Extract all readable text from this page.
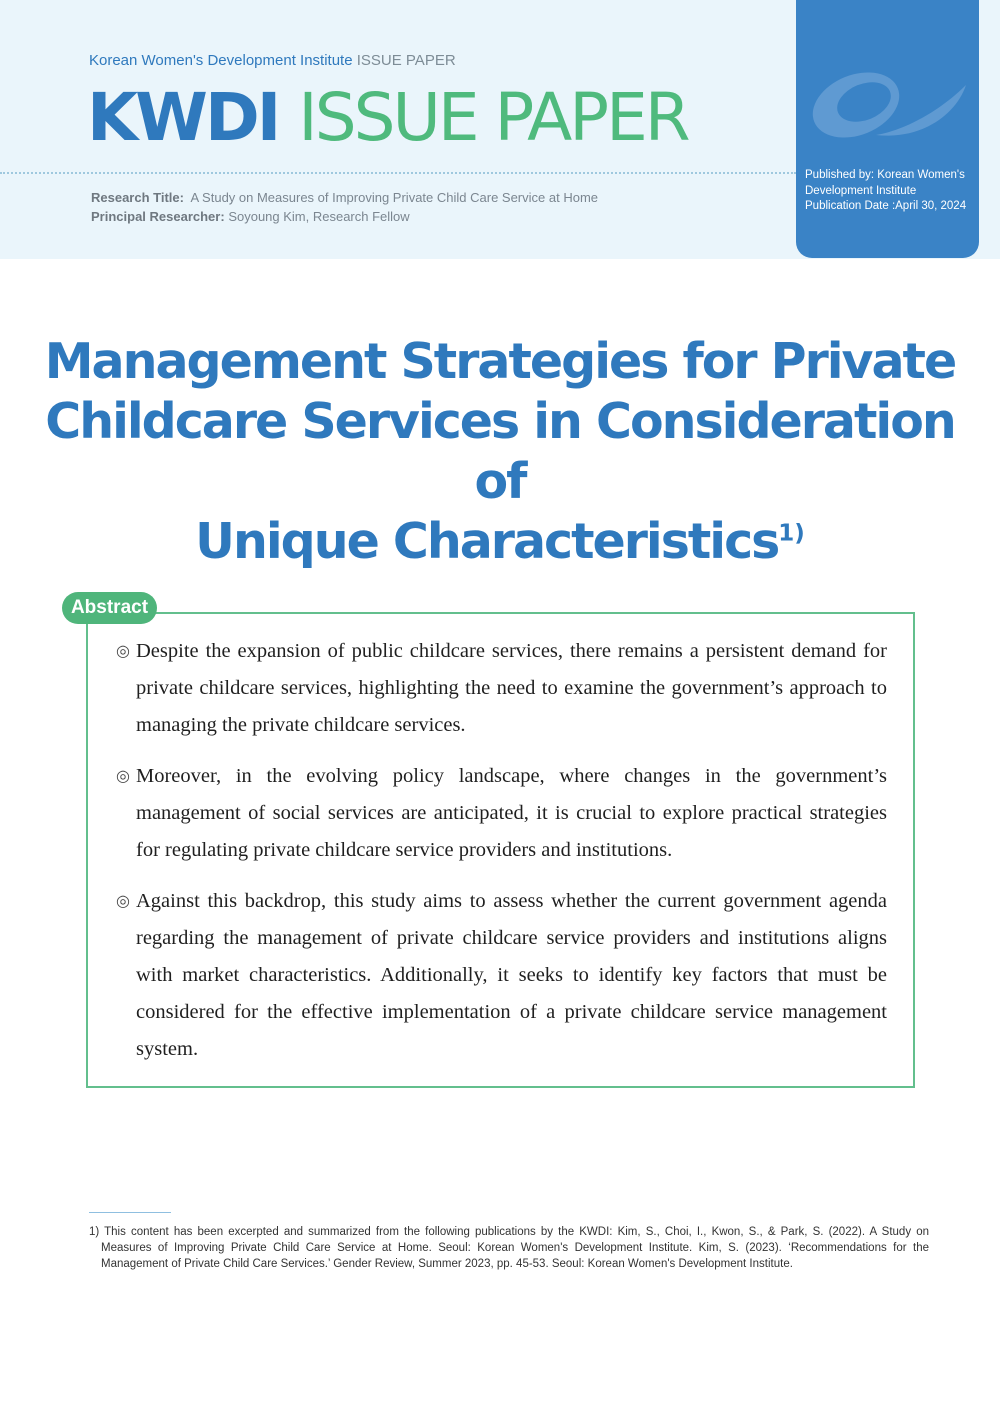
Korean Women's Development Institute ISSUE PAPER
KWDI ISSUE PAPER
Research Title: A Study on Measures of Improving Private Child Care Service at Home
Principal Researcher: Soyoung Kim, Research Fellow
Published by: Korean Women's Development Institute
Publication Date :April 30, 2024
Management Strategies for Private
Childcare Services in Consideration of
Unique Characteristics$^{1)}$
Abstract
◎ Despite the expansion of public childcare services, there remains a persistent demand for private childcare services, highlighting the need to examine the government’s approach to managing the private childcare services.
◎ Moreover, in the evolving policy landscape, where changes in the government’s management of social services are anticipated, it is crucial to explore practical strategies for regulating private childcare service providers and institutions.
◎ Against this backdrop, this study aims to assess whether the current government agenda regarding the management of private childcare service providers and institutions aligns with market characteristics. Additionally, it seeks to identify key factors that must be considered for the effective implementation of a private childcare service management system.
1) This content has been excerpted and summarized from the following publications by the KWDI: Kim, S., Choi, I., Kwon, S., & Park, S. (2022). A Study on Measures of Improving Private Child Care Service at Home. Seoul: Korean Women's Development Institute. Kim, S. (2023). ‘Recommendations for the Management of Private Child Care Services.’ Gender Review, Summer 2023, pp. 45-53. Seoul: Korean Women's Development Institute.
